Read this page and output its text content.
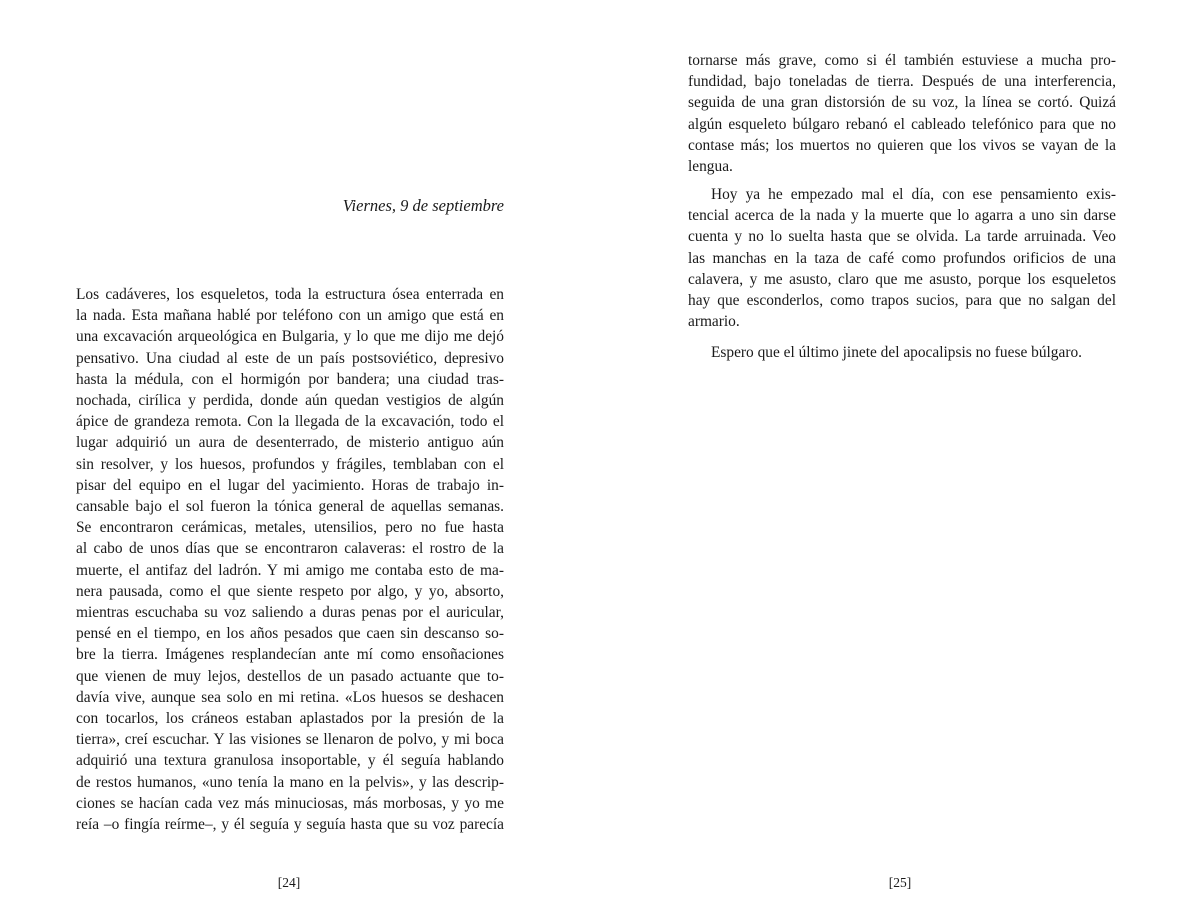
Viernes, 9 de septiembre

Los cadáveres, los esqueletos, toda la estructura ósea enterrada en

la nada. Esta mañana hablé por teléfono con un amigo que está en

una excavación arqueológica en Bulgaria, y lo que me dijo me dejó

pensativo. Una ciudad al este de un país postsoviético, depresivo

hasta la médula, con el hormigón por bandera; una ciudad tras-

nochada, cirílica y perdida, donde aún quedan vestigios de algún

ápice de grandeza remota. Con la llegada de la excavación, todo el

lugar adquirió un aura de desenterrado, de misterio antiguo aún

sin resolver, y los huesos, profundos y frágiles, temblaban con el

pisar del equipo en el lugar del yacimiento. Horas de trabajo in-

cansable bajo el sol fueron la tónica general de aquellas semanas.

Se encontraron cerámicas, metales, utensilios, pero no fue hasta

al cabo de unos días que se encontraron calaveras: el rostro de la

muerte, el antifaz del ladrón. Y mi amigo me contaba esto de ma-

nera pausada, como el que siente respeto por algo, y yo, absorto,

mientras escuchaba su voz saliendo a duras penas por el auricular,

pensé en el tiempo, en los años pesados que caen sin descanso so-

bre la tierra. Imágenes resplandecían ante mí como ensoñaciones

que vienen de muy lejos, destellos de un pasado actuante que to-

davía vive, aunque sea solo en mi retina. «Los huesos se deshacen

con tocarlos, los cráneos estaban aplastados por la presión de la

tierra», creí escuchar. Y las visiones se llenaron de polvo, y mi boca

adquirió una textura granulosa insoportable, y él seguía hablando

de restos humanos, «uno tenía la mano en la pelvis», y las descrip-

ciones se hacían cada vez más minuciosas, más morbosas, y yo me

reía –o fingía reírme–, y él seguía y seguía hasta que su voz parecía

[24]

tornarse más grave, como si él también estuviese a mucha pro-

fundidad, bajo toneladas de tierra. Después de una interferencia,

seguida de una gran distorsión de su voz, la línea se cortó. Quizá

algún esqueleto búlgaro rebanó el cableado telefónico para que no

contase más; los muertos no quieren que los vivos se vayan de la

lengua.

Hoy ya he empezado mal el día, con ese pensamiento exis-

tencial acerca de la nada y la muerte que lo agarra a uno sin darse

cuenta y no lo suelta hasta que se olvida. La tarde arruinada. Veo

las manchas en la taza de café como profundos orificios de una

calavera, y me asusto, claro que me asusto, porque los esqueletos

hay que esconderlos, como trapos sucios, para que no salgan del

armario.

Espero que el último jinete del apocalipsis no fuese búlgaro.

[25]
